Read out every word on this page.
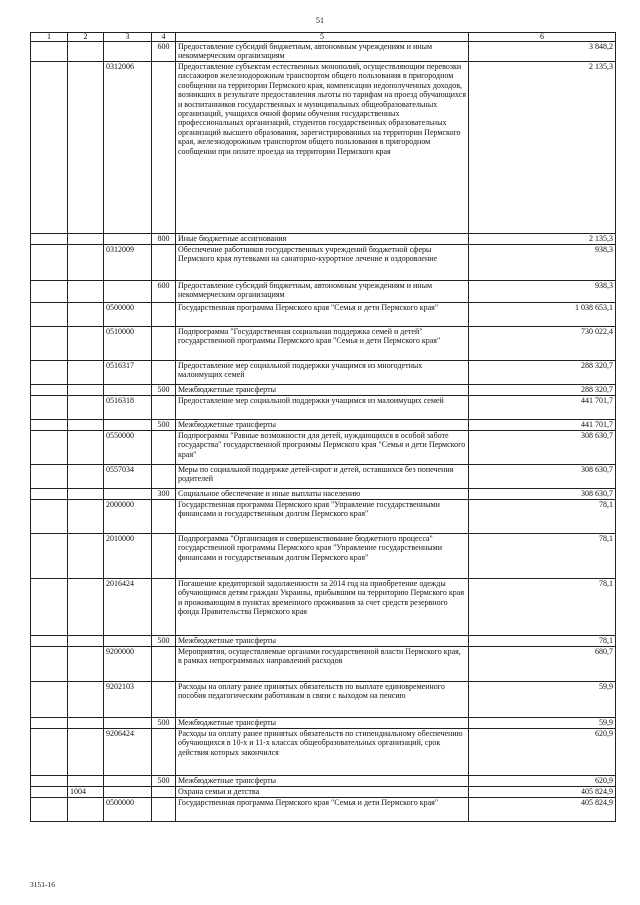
51
1	2	3	4	5	6
			600	Предоставление субсидий бюджетным, автономным учреждениям и иным некоммерческим организациям	3 848,2
		0312006		Предоставление субъектам естественных монополий, осуществляющим перевозки пассажиров железнодорожным транспортом общего пользования в пригородном сообщении на территории Пермского края, компенсации недополученных доходов, возникших в результате предоставления льготы по тарифам на проезд обучающихся и воспитанников государственных и муниципальных общеобразовательных организаций, учащихся очной формы обучения государственных профессиональных организаций, студентов государственных образовательных организаций высшего образования, зарегистрированных на территории Пермского края, железнодорожным транспортом общего пользования в пригородном сообщении при оплате проезда на территории Пермского края	2 135,3
			800	Иные бюджетные ассигнования	2 135,3
		0312009		Обеспечение работников государственных учреждений бюджетной сферы Пермского края путевками на санаторно-курортное лечение и оздоровление	938,3
			600	Предоставление субсидий бюджетным, автономным учреждениям и иным некоммерческим организациям	938,3
		0500000		Государственная программа Пермского края "Семья и дети Пермского края"	1 038 653,1
		0510000		Подпрограмма "Государственная социальная поддержка семей и детей" государственной программы Пермского края "Семья и дети Пермского края"	730 022,4
		0516317		Предоставление мер социальной поддержки учащимся из многодетных малоимущих семей	288 320,7
			500	Межбюджетные трансферты	288 320,7
		0516318		Предоставление мер социальной поддержки учащимся из малоимущих семей	441 701,7
			500	Межбюджетные трансферты	441 701,7
		0550000		Подпрограмма "Равные возможности для детей, нуждающихся в особой заботе государства" государственной программы Пермского края "Семья и дети Пермского края"	308 630,7
		0557034		Меры по социальной поддержке детей-сирот и детей, оставшихся без попечения родителей	308 630,7
			300	Социальное обеспечение и иные выплаты населению	308 630,7
		2000000		Государственная программа Пермского края "Управление государственными финансами и государственным долгом Пермского края"	78,1
		2010000		Подпрограмма "Организация и совершенствование бюджетного процесса" государственной программы Пермского края "Управление государственными финансами и государственным долгом Пермского края"	78,1
		2016424		Погашение кредиторской задолженности за 2014 год на приобретение одежды обучающимся детям граждан Украины, прибывшим на территорию Пермского края и проживающим в пунктах временного проживания за счет средств резервного фонда Правительства Пермского края	78,1
			500	Межбюджетные трансферты	78,1
		9200000		Мероприятия, осуществляемые органами государственной власти Пермского края, в рамках непрограммных направлений расходов	680,7
		9202103		Расходы на оплату ранее принятых обязательств по выплате единовременного пособия педагогическим работникам в связи с выходом на пенсию	59,9
			500	Межбюджетные трансферты	59,9
		9206424		Расходы на оплату ранее принятых обязательств по стипендиальному обеспечению обучающихся в 10-х и 11-х классах общеобразовательных организаций, срок действия которых закончился	620,9
			500	Межбюджетные трансферты	620,9
	1004			Охрана семьи и детства	405 824,9
		0500000		Государственная программа Пермского края "Семья и дети Пермского края"	405 824,9
3151-16
